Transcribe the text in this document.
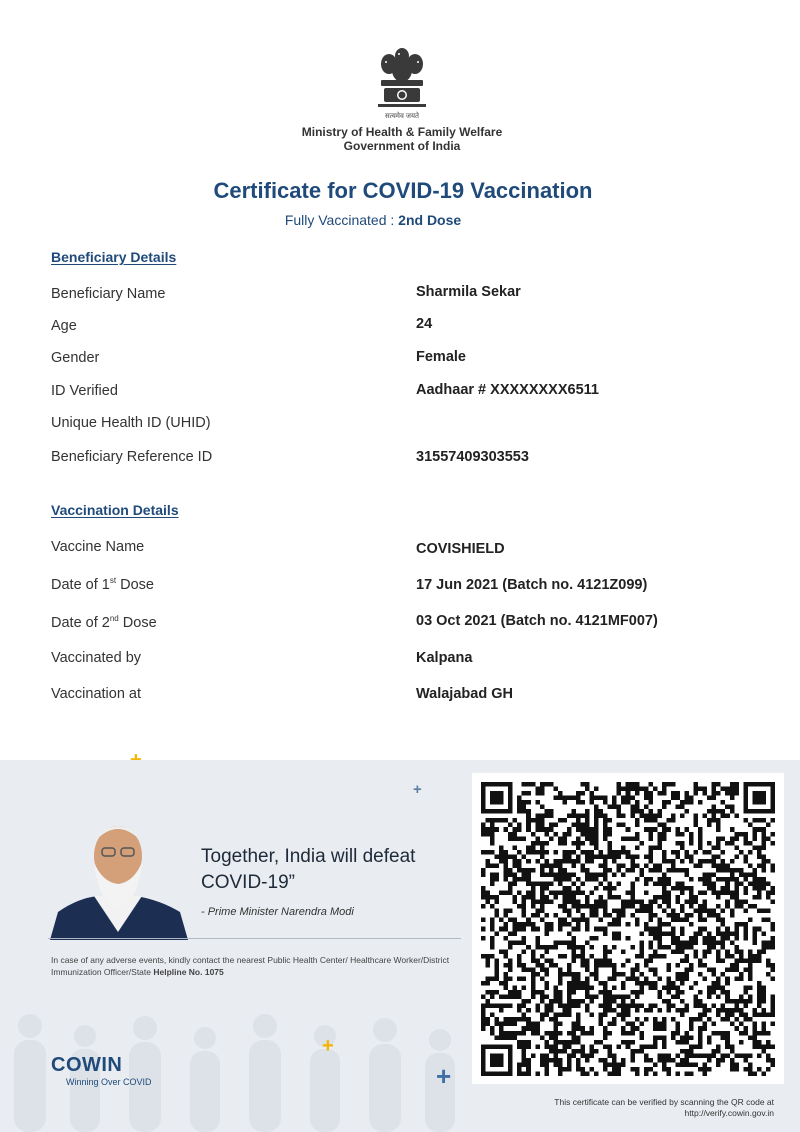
सत्यमेव जयते
Ministry of Health & Family Welfare
Government of India
Certificate for COVID-19 Vaccination
Fully Vaccinated : 2nd Dose
Beneficiary Details
Beneficiary Name	Sharmila Sekar
Age	24
Gender	Female
ID Verified	Aadhaar # XXXXXXXX6511
Unique Health ID (UHID)
Beneficiary Reference ID	31557409303553
Vaccination Details
Vaccine Name	COVISHIELD
Date of 1st Dose	17 Jun 2021 (Batch no. 4121Z099)
Date of 2nd Dose	03 Oct 2021 (Batch no. 4121MF007)
Vaccinated by	Kalpana
Vaccination at	Walajabad GH
+
+
+
Together, India will defeat
COVID-19”
- Prime Minister Narendra Modi
In case of any adverse events, kindly contact the nearest Public Health Center/ Healthcare Worker/District Immunization Officer/State Helpline No. 1075
COWIN
Winning Over COVID
This certificate can be verified by scanning the QR code at
http://verify.cowin.gov.in
